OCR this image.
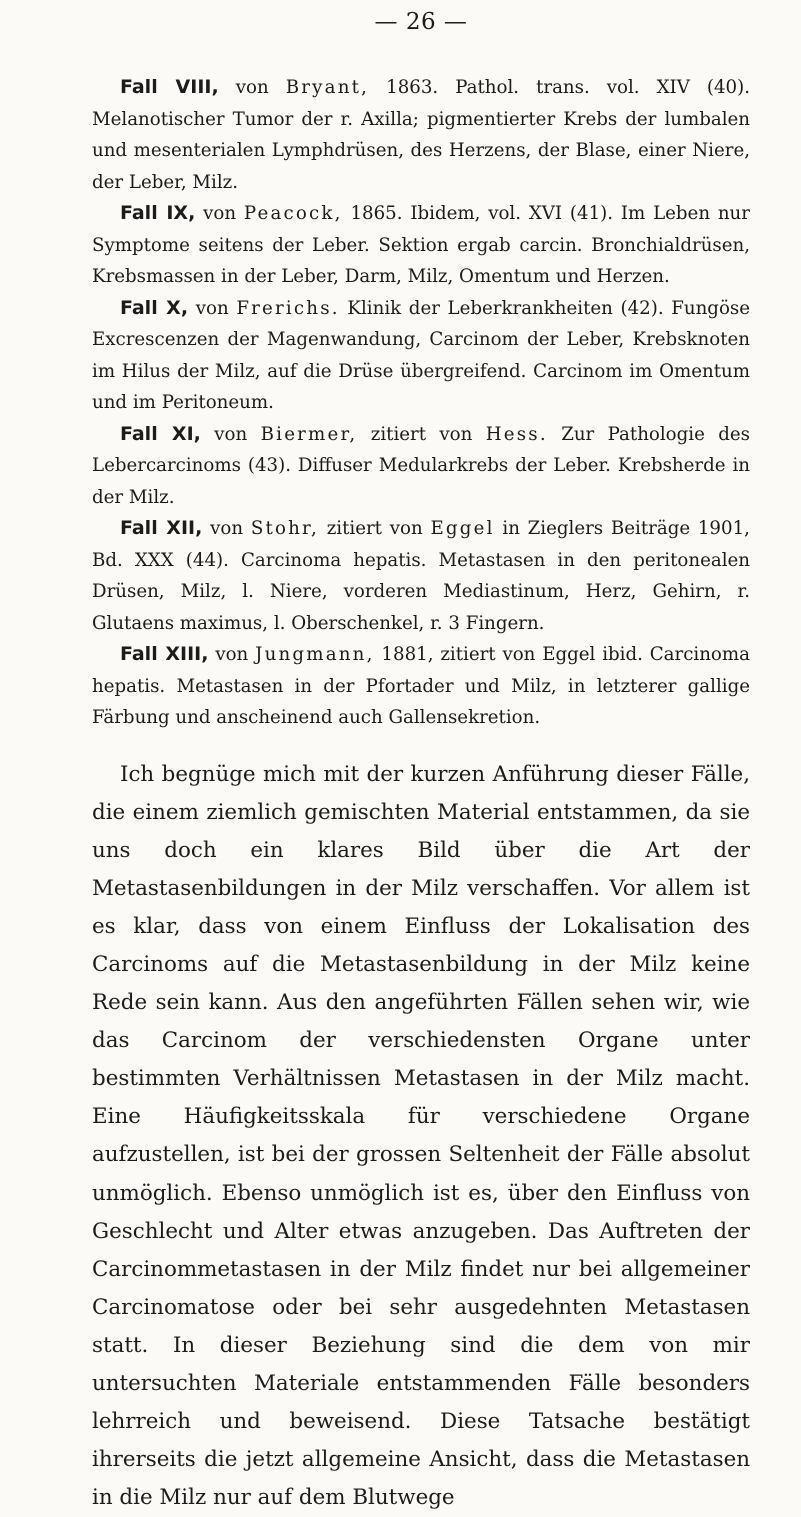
— 26 —

Fall VIII, von Bryant, 1863. Pathol. trans. vol. XIV (40). Melanotischer Tumor der r. Axilla; pigmentierter Krebs der lumbalen und mesenterialen Lymphdrüsen, des Herzens, der Blase, einer Niere, der Leber, Milz.

Fall IX, von Peacock, 1865. Ibidem, vol. XVI (41). Im Leben nur Symptome seitens der Leber. Sektion ergab carcin. Bronchialdrüsen, Krebsmassen in der Leber, Darm, Milz, Omentum und Herzen.

Fall X, von Frerichs. Klinik der Leberkrankheiten (42). Fungöse Excrescenzen der Magenwandung, Carcinom der Leber, Krebsknoten im Hilus der Milz, auf die Drüse übergreifend. Carcinom im Omentum und im Peritoneum.

Fall XI, von Biermer, zitiert von Hess. Zur Pathologie des Lebercarcinoms (43). Diffuser Medularkrebs der Leber. Krebsherde in der Milz.

Fall XII, von Stohr, zitiert von Eggel in Zieglers Beiträge 1901, Bd. XXX (44). Carcinoma hepatis. Metastasen in den peritonealen Drüsen, Milz, l. Niere, vorderen Mediastinum, Herz, Gehirn, r. Glutaens maximus, l. Oberschenkel, r. 3 Fingern.

Fall XIII, von Jungmann, 1881, zitiert von Eggel ibid. Carcinoma hepatis. Metastasen in der Pfortader und Milz, in letzterer gallige Färbung und anscheinend auch Gallensekretion.

Ich begnüge mich mit der kurzen Anführung dieser Fälle, die einem ziemlich gemischten Material entstammen, da sie uns doch ein klares Bild über die Art der Metastasenbildungen in der Milz verschaffen. Vor allem ist es klar, dass von einem Einfluss der Lokalisation des Carcinoms auf die Metastasenbildung in der Milz keine Rede sein kann. Aus den angeführten Fällen sehen wir, wie das Carcinom der verschiedensten Organe unter bestimmten Verhältnissen Metastasen in der Milz macht. Eine Häufigkeitsskala für verschiedene Organe aufzustellen, ist bei der grossen Seltenheit der Fälle absolut unmöglich. Ebenso unmöglich ist es, über den Einfluss von Geschlecht und Alter etwas anzugeben. Das Auftreten der Carcinommetastasen in der Milz findet nur bei allgemeiner Carcinomatose oder bei sehr ausgedehnten Metastasen statt. In dieser Beziehung sind die dem von mir untersuchten Materiale entstammenden Fälle besonders lehrreich und beweisend. Diese Tatsache bestätigt ihrerseits die jetzt allgemeine Ansicht, dass die Metastasen in die Milz nur auf dem Blutwege
